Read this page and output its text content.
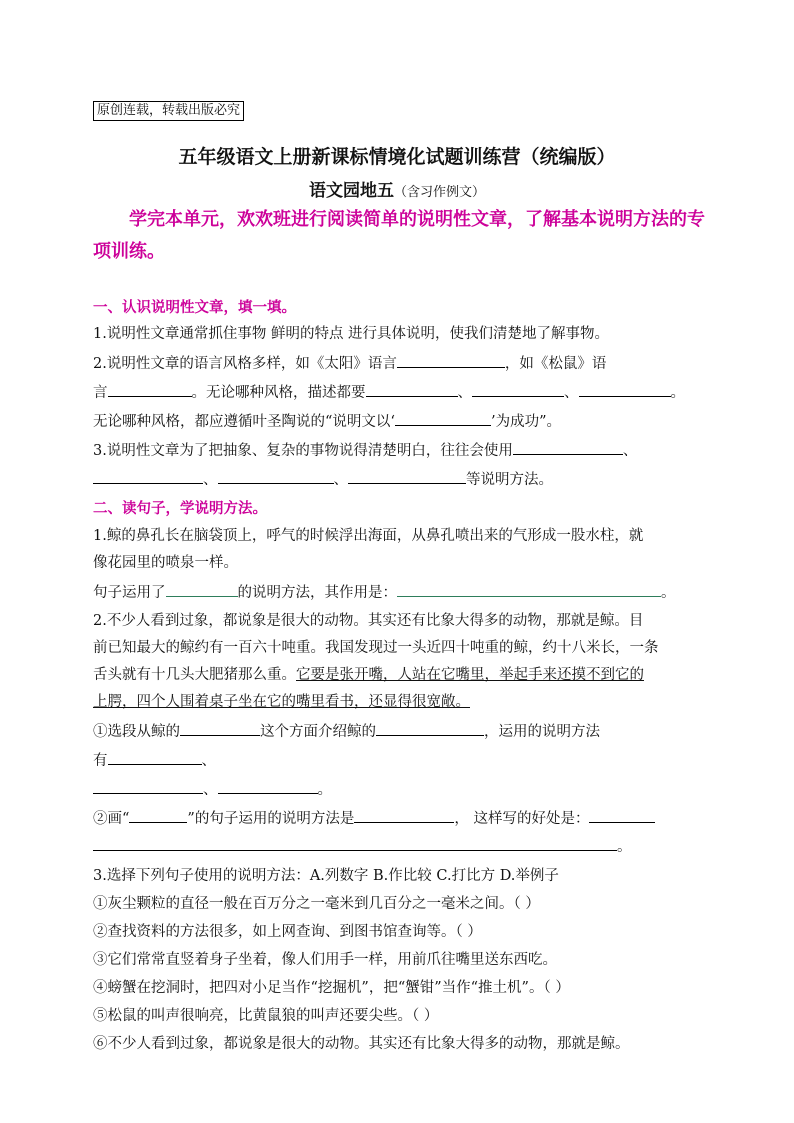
原创连载，转载出版必究
五年级语文上册新课标情境化试题训练营（统编版）
语文园地五（含习作例文）
学完本单元，欢欢班进行阅读简单的说明性文章，了解基本说明方法的专项训练。
一、认识说明性文章，填一填。
1.说明性文章通常抓住事物 鲜明的特点 进行具体说明，使我们清楚地了解事物。
2.说明性文章的语言风格多样，如《太阳》语言	，如《松鼠》语
言	。无论哪种风格，描述都要	、	、	。
无论哪种风格，都应遵循叶圣陶说的“说明文以‘	’为成功”。
3.说明性文章为了把抽象、复杂的事物说得清楚明白，往往会使用	、
、	、	等说明方法。
二、读句子，学说明方法。
1.鲸的鼻孔长在脑袋顶上，呼气的时候浮出海面，从鼻孔喷出来的气形成一股水柱，就
像花园里的喷泉一样。
句子运用了	的说明方法，其作用是：	。
2.不少人看到过象，都说象是很大的动物。其实还有比象大得多的动物，那就是鲸。目
前已知最大的鲸约有一百六十吨重。我国发现过一头近四十吨重的鲸，约十八米长，一条
舌头就有十几头大肥猪那么重。它要是张开嘴，人站在它嘴里，举起手来还摸不到它的
上腭，四个人围着桌子坐在它的嘴里看书，还显得很宽敞。
①选段从鲸的	这个方面介绍鲸的	，运用的说明方法
有	、
、	。
②画“	”的句子运用的说明方法是	， 这样写的好处是：
。
3.选择下列句子使用的说明方法：A.列数字 B.作比较 C.打比方 D.举例子
①灰尘颗粒的直径一般在百万分之一毫米到几百分之一毫米之间。（ ）
②查找资料的方法很多，如上网查询、到图书馆查询等。（ ）
③它们常常直竖着身子坐着，像人们用手一样，用前爪往嘴里送东西吃。
④螃蟹在挖洞时，把四对小足当作“挖掘机”，把“蟹钳”当作“推土机”。（ ）
⑤松鼠的叫声很响亮，比黄鼠狼的叫声还要尖些。（ ）
⑥不少人看到过象，都说象是很大的动物。其实还有比象大得多的动物，那就是鲸。
